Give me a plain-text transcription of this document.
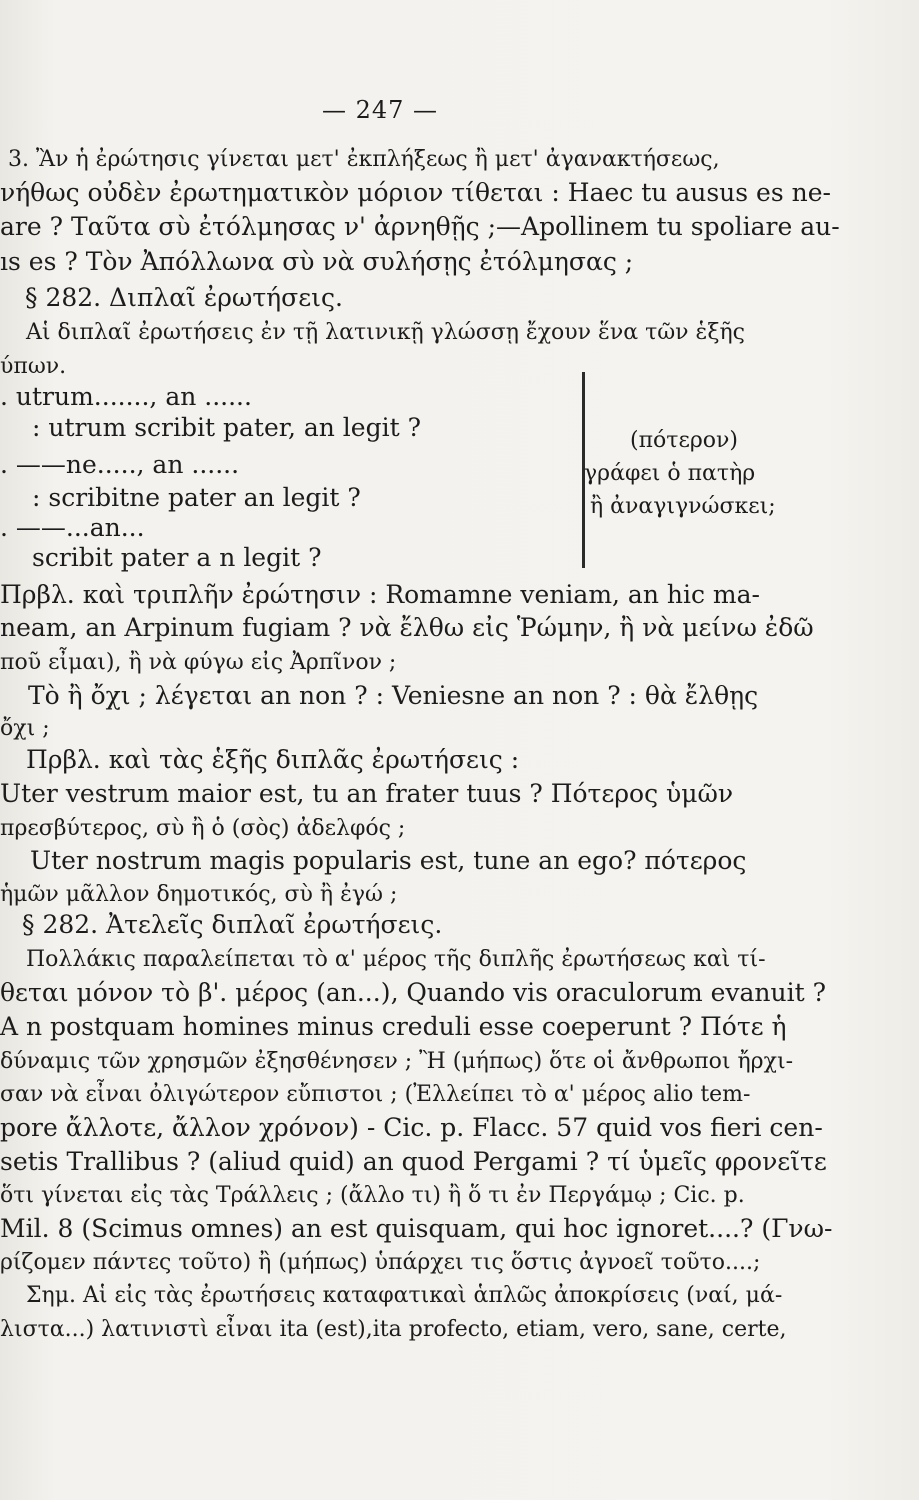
— 247 —
3. Ἂν ἡ ἐρώτησις γίνεται μετ' ἐκπλήξεως ἢ μετ' ἀγανακτήσεως,
νήθως οὐδὲν ἐρωτηματικὸν μόριον τίθεται : Haec tu ausus es ne-
are ? Ταῦτα σὺ ἐτόλμησας ν' ἀρνηθῇς ;—Apollinem tu spoliare au-
ıs es ? Τὸν Ἀπόλλωνα σὺ νὰ συλήσῃς ἐτόλμησας ;
§ 282. Διπλαῖ ἐρωτήσεις.
Αἱ διπλαῖ ἐρωτήσεις ἐν τῇ λατινικῇ γλώσσῃ ἔχουν ἕνα τῶν ἑξῆς
ύπων.
. utrum......., an ......
: utrum scribit pater, an legit ?
. ——ne....., an ......
: scribitne pater an legit ?
. ——...an...
scribit pater a n legit ?
(πότερον)
γράφει ὁ πατὴρ
ἢ ἀναγιγνώσκει;
Πρβλ. καὶ τριπλῆν ἐρώτησιν : Romamne veniam, an hic ma-
neam, an Arpinum fugiam ? νὰ ἔλθω εἰς Ῥώμην, ἢ νὰ μείνω ἐδῶ
ποῦ εἶμαι), ἢ νὰ φύγω εἰς Ἀρπῖνον ;
Τὸ ἢ ὄχι ; λέγεται an non ? : Veniesne an non ? : θὰ ἔλθῃς
ὄχι ;
Πρβλ. καὶ τὰς ἑξῆς διπλᾶς ἐρωτήσεις :
Uter vestrum maior est, tu an frater tuus ? Πότερος ὑμῶν
πρεσβύτερος, σὺ ἢ ὁ (σὸς) ἀδελφός ;
Uter nostrum magis popularis est, tune an ego? πότερος
ἡμῶν μᾶλλον δημοτικός, σὺ ἢ ἐγώ ;
§ 282. Ἀτελεῖς διπλαῖ ἐρωτήσεις.
Πολλάκις παραλείπεται τὸ α' μέρος τῆς διπλῆς ἐρωτήσεως καὶ τί-
θεται μόνον τὸ β'. μέρος (an...)‚ Quando vis oraculorum evanuit ?
A n postquam homines minus creduli esse coeperunt ? Πότε ἡ
δύναμις τῶν χρησμῶν ἐξησθένησεν ; Ἢ (μήπως) ὅτε οἱ ἄνθρωποι ἤρχι-
σαν νὰ εἶναι ὀλιγώτερον εὔπιστοι ; (Ἐλλείπει τὸ α' μέρος alio tem-
pore ἄλλοτε, ἄλλον χρόνον) - Cic. p. Flacc. 57 quid vos fieri cen-
setis Trallibus ? (aliud quid) an quod Pergami ? τί ὑμεῖς φρονεῖτε
ὅτι γίνεται εἰς τὰς Τράλλεις ; (ἄλλο τι) ἢ ὅ τι ἐν Περγάμῳ ; Cic. p.
Mil. 8 (Scimus omnes) an est quisquam, qui hoc ignoret....? (Γνω-
ρίζομεν πάντες τοῦτο) ἢ (μήπως) ὑπάρχει τις ὅστις ἀγνοεῖ τοῦτο....;
Σημ. Αἱ εἰς τὰς ἐρωτήσεις καταφατικαὶ ἁπλῶς ἀποκρίσεις (ναί, μά-
λιστα...) λατινιστὶ εἶναι ita (est),ita profecto, etiam, vero, sane, certe,
